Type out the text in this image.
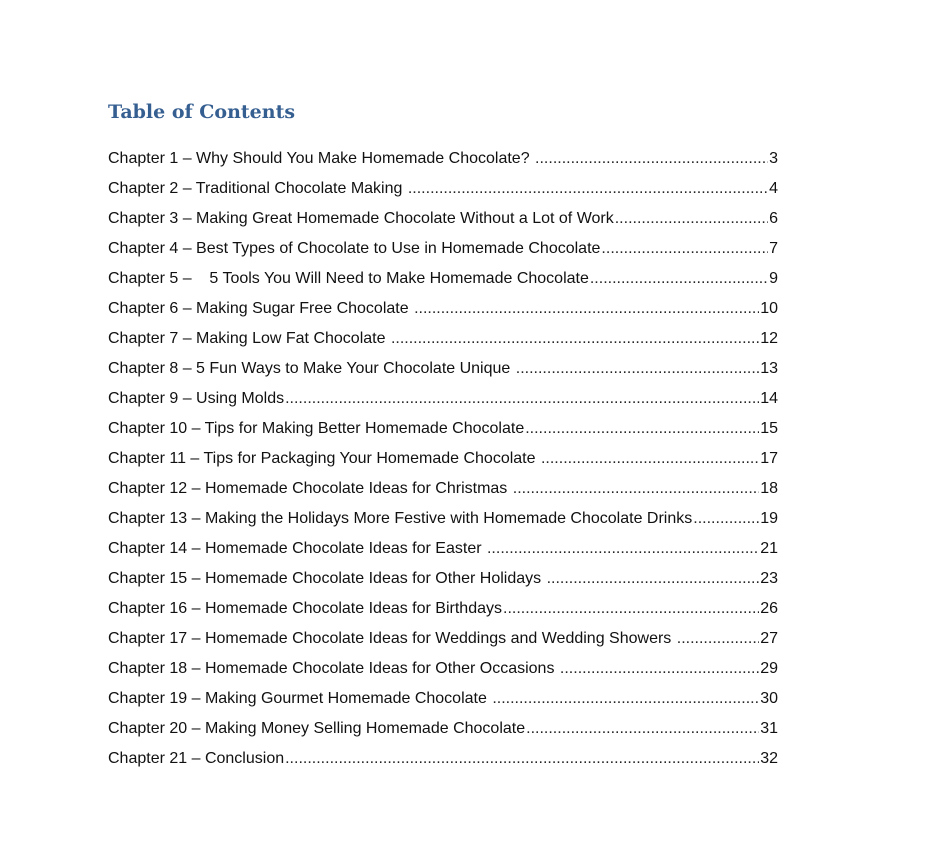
Table of Contents
Chapter 1 – Why Should You Make Homemade Chocolate? .....	3
Chapter 2 – Traditional Chocolate Making .....	4
Chapter 3 – Making Great Homemade Chocolate Without a Lot of Work .....	6
Chapter 4 – Best Types of Chocolate to Use in Homemade Chocolate .....	7
Chapter 5 –    5 Tools You Will Need to Make Homemade Chocolate .....	9
Chapter 6 – Making Sugar Free Chocolate .....	10
Chapter 7 – Making Low Fat Chocolate .....	12
Chapter 8 – 5 Fun Ways to Make Your Chocolate Unique .....	13
Chapter 9 – Using Molds .....	14
Chapter 10 – Tips for Making Better Homemade Chocolate .....	15
Chapter 11 – Tips for Packaging Your Homemade Chocolate .....	17
Chapter 12 – Homemade Chocolate Ideas for Christmas .....	18
Chapter 13 – Making the Holidays More Festive with Homemade Chocolate Drinks .....	19
Chapter 14 – Homemade Chocolate Ideas for Easter .....	21
Chapter 15 – Homemade Chocolate Ideas for Other Holidays .....	23
Chapter 16 – Homemade Chocolate Ideas for Birthdays .....	26
Chapter 17 – Homemade Chocolate Ideas for Weddings and Wedding Showers .....	27
Chapter 18 – Homemade Chocolate Ideas for Other Occasions .....	29
Chapter 19 – Making Gourmet Homemade Chocolate .....	30
Chapter 20 – Making Money Selling Homemade Chocolate .....	31
Chapter 21 – Conclusion .....	32
